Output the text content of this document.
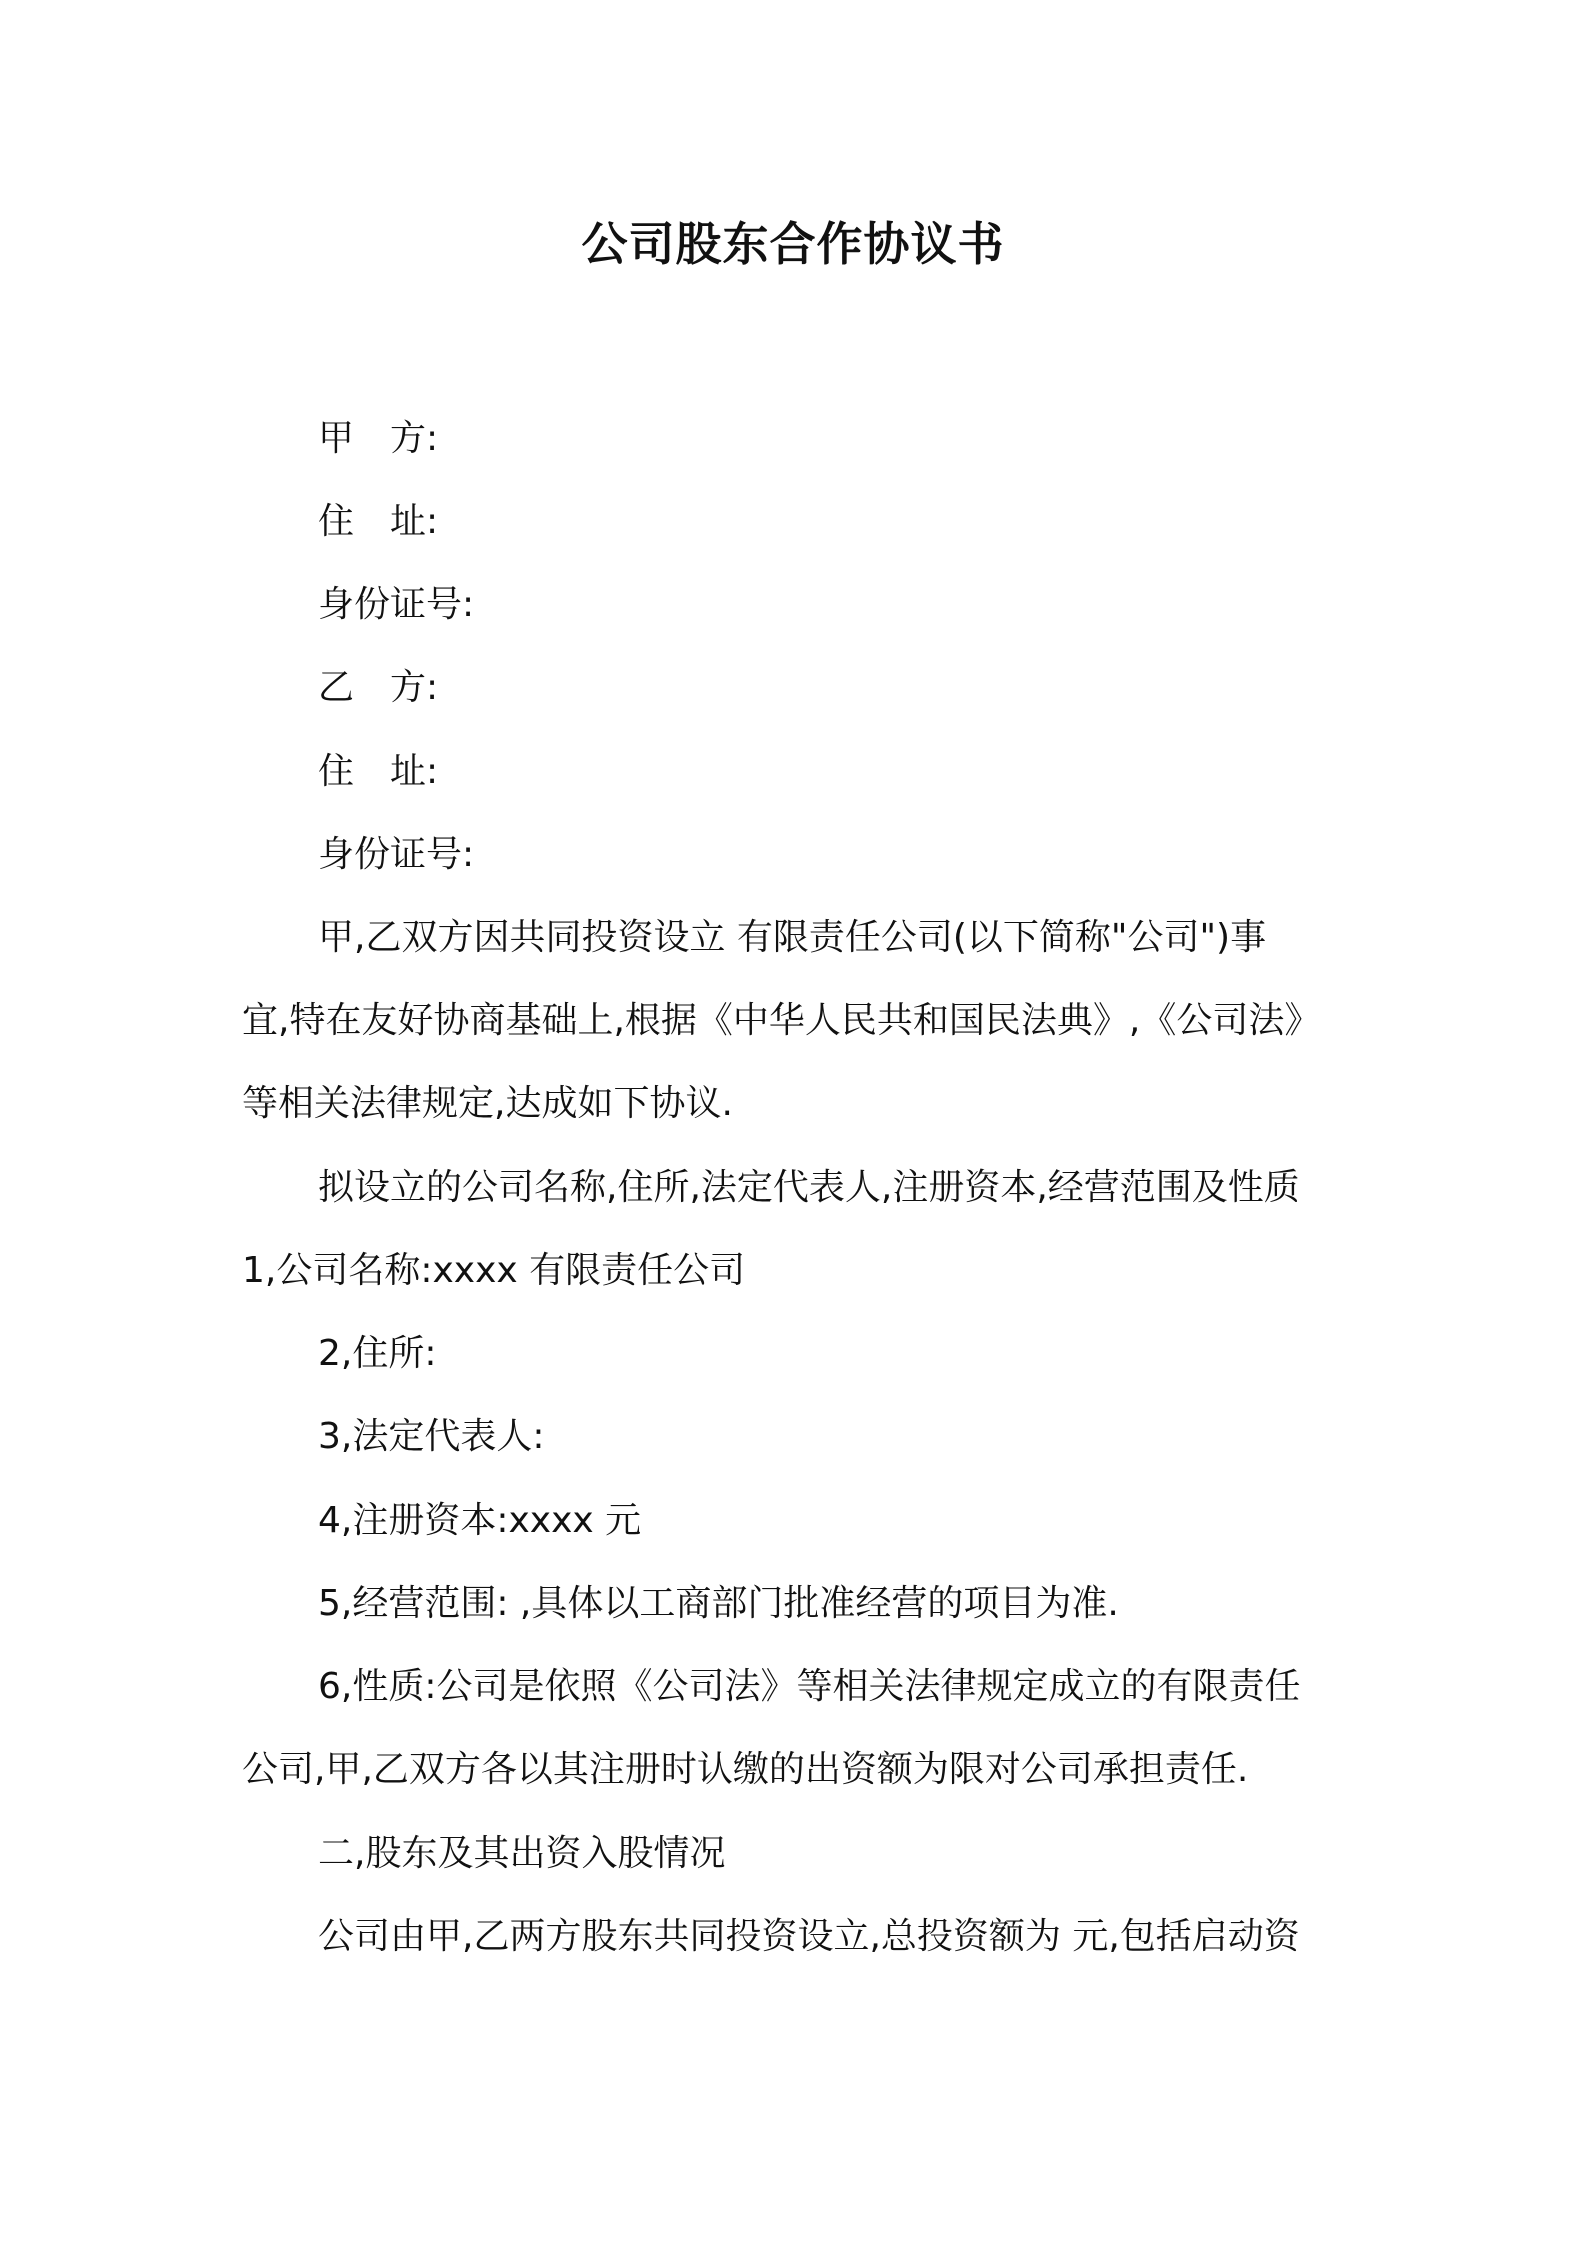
公司股东合作协议书
甲 方:
住 址:
身份证号:
乙 方:
住 址:
身份证号:
甲,乙双方因共同投资设立 有限责任公司(以下简称"公司")事
宜,特在友好协商基础上,根据《中华人民共和国民法典》,《公司法》
等相关法律规定,达成如下协议.
拟设立的公司名称,住所,法定代表人,注册资本,经营范围及性质
1,公司名称:xxxx 有限责任公司
2,住所:
3,法定代表人:
4,注册资本:xxxx 元
5,经营范围: ,具体以工商部门批准经营的项目为准.
6,性质:公司是依照《公司法》等相关法律规定成立的有限责任
公司,甲,乙双方各以其注册时认缴的出资额为限对公司承担责任.
二,股东及其出资入股情况
公司由甲,乙两方股东共同投资设立,总投资额为 元,包括启动资
